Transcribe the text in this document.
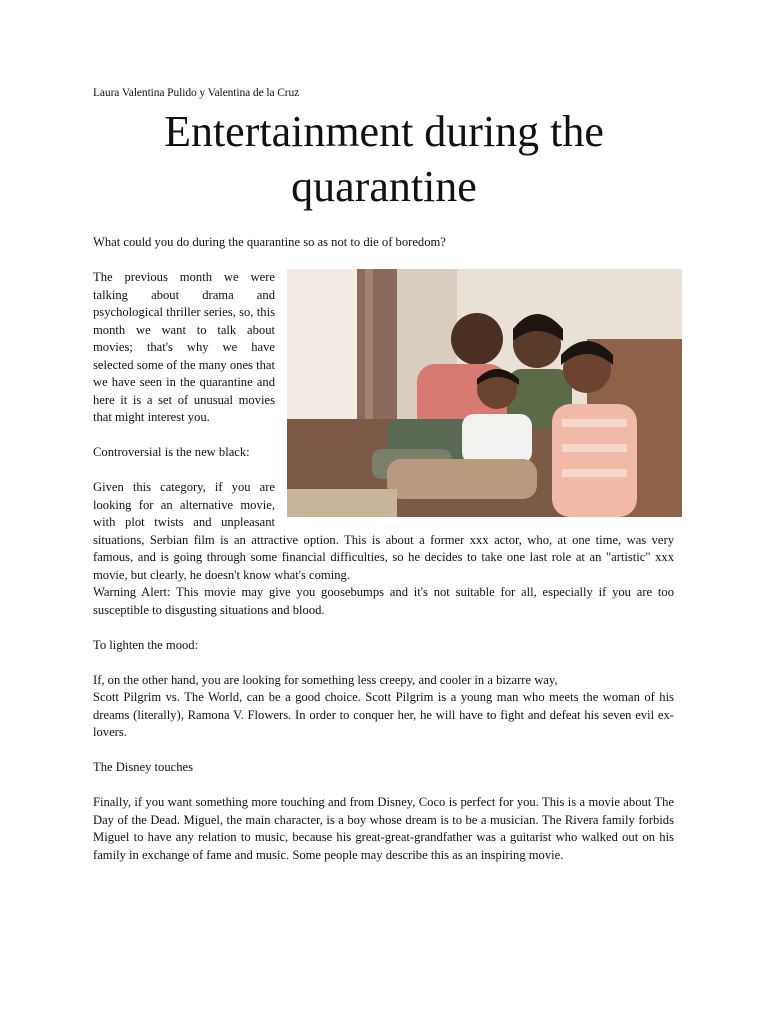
Laura Valentina Pulido y Valentina de la Cruz
Entertainment during the
quarantine

What could you do during the quarantine so as not to die of boredom?

The previous month we were talking about drama and psychological thriller series, so, this month we want to talk about movies; that's why we have selected some of the many ones that we have seen in the quarantine and here it is a set of unusual movies that might interest you.

Controversial is the new black:

Given this category, if you are looking for an alternative movie, with plot twists and unpleasant situations, Serbian film is an attractive option. This is about a former xxx actor, who, at one time, was very famous, and is going through some financial difficulties, so he decides to take one last role at an "artistic" xxx movie, but clearly, he doesn't know what's coming.

Warning Alert: This movie may give you goosebumps and it's not suitable for all, especially if you are too susceptible to disgusting situations and blood.

To lighten the mood:

If, on the other hand, you are looking for something less creepy, and cooler in a bizarre way,

Scott Pilgrim vs. The World, can be a good choice. Scott Pilgrim is a young man who meets the woman of his dreams (literally), Ramona V. Flowers. In order to conquer her, he will have to fight and defeat his seven evil ex-lovers.

The Disney touches

Finally, if you want something more touching and from Disney, Coco is perfect for you. This is a movie about The Day of the Dead. Miguel, the main character, is a boy whose dream is to be a musician. The Rivera family forbids Miguel to have any relation to music, because his great-great-grandfather was a guitarist who walked out on his family in exchange of fame and music. Some people may describe this as an inspiring movie.
